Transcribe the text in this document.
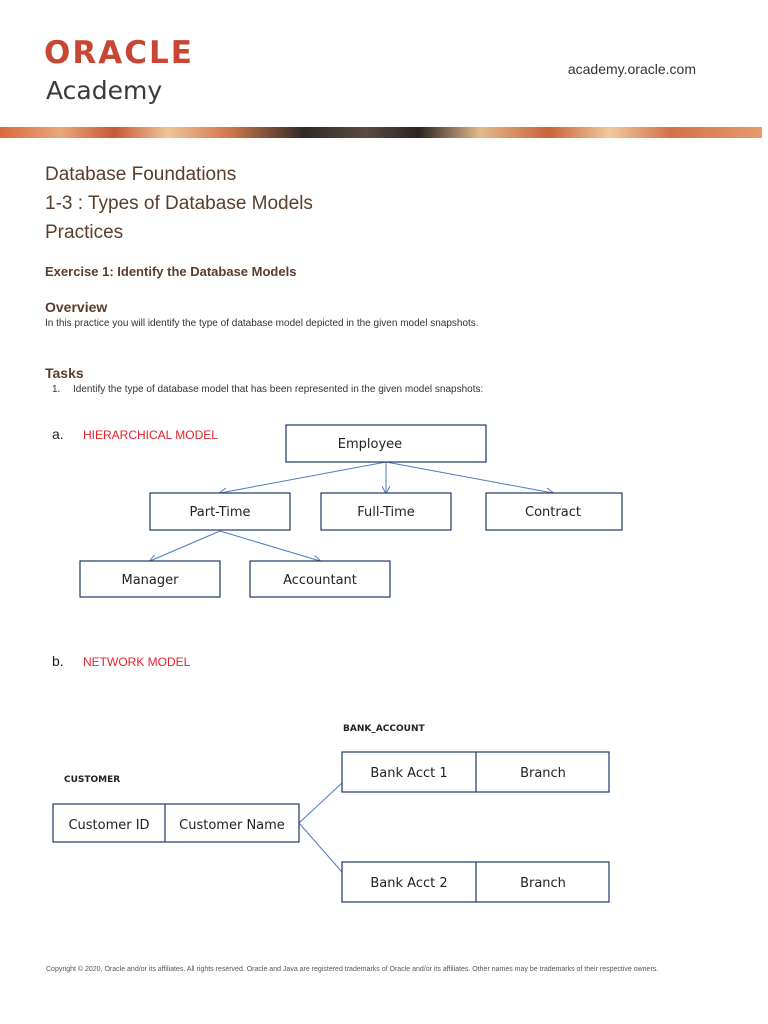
ORACLE
Academy
academy.oracle.com
Database Foundations
1-3 : Types of Database Models
Practices
Exercise 1: Identify the Database Models
Overview
In this practice you will identify the type of database model depicted in the given model snapshots.
Tasks
1. Identify the type of database model that has been represented in the given model snapshots:
a. HIERARCHICAL MODEL
b. NETWORK MODEL
Employee
Part-Time	Full-Time	Contract
Manager	Accountant
BANK_ACCOUNT
CUSTOMER
Customer ID Customer Name
Bank Acct 1	Branch
Bank Acct 2	Branch
Copyright © 2020, Oracle and/or its affiliates. All rights reserved. Oracle and Java are registered trademarks of Oracle and/or its affiliates. Other names may be trademarks of their respective owners.
